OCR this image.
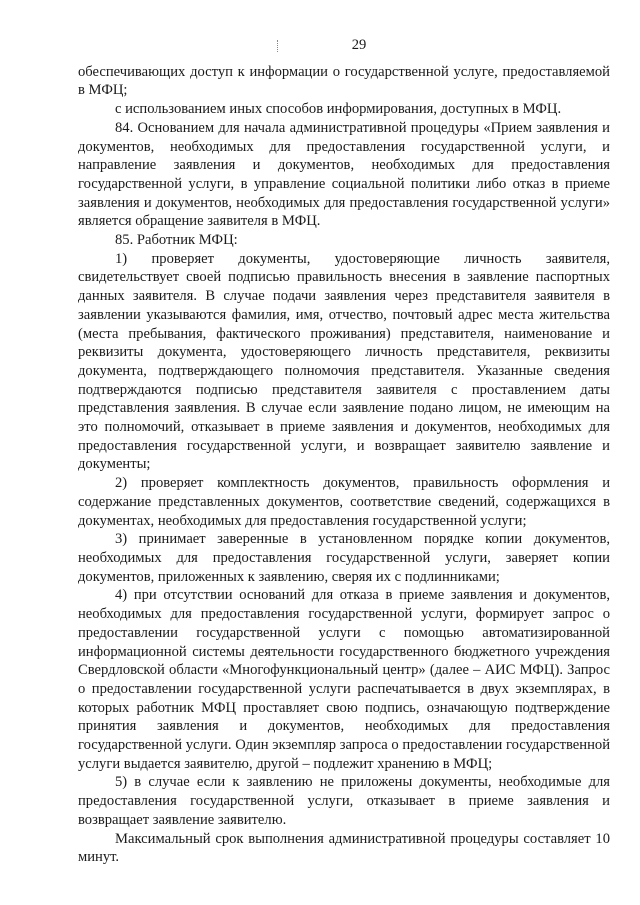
29

обеспечивающих доступ к информации о государственной услуге, предоставляемой в МФЦ;

с использованием иных способов информирования, доступных в МФЦ.

84. Основанием для начала административной процедуры «Прием заявления и документов, необходимых для предоставления государственной услуги, и направление заявления и документов, необходимых для предоставления государственной услуги, в управление социальной политики либо отказ в приеме заявления и документов, необходимых для предоставления государственной услуги» является обращение заявителя в МФЦ.

85. Работник МФЦ:

1) проверяет документы, удостоверяющие личность заявителя, свидетельствует своей подписью правильность внесения в заявление паспортных данных заявителя. В случае подачи заявления через представителя заявителя в заявлении указываются фамилия, имя, отчество, почтовый адрес места жительства (места пребывания, фактического проживания) представителя, наименование и реквизиты документа, удостоверяющего личность представителя, реквизиты документа, подтверждающего полномочия представителя. Указанные сведения подтверждаются подписью представителя заявителя с проставлением даты представления заявления. В случае если заявление подано лицом, не имеющим на это полномочий, отказывает в приеме заявления и документов, необходимых для предоставления государственной услуги, и возвращает заявителю заявление и документы;

2) проверяет комплектность документов, правильность оформления и содержание представленных документов, соответствие сведений, содержащихся в документах, необходимых для предоставления государственной услуги;

3) принимает заверенные в установленном порядке копии документов, необходимых для предоставления государственной услуги, заверяет копии документов, приложенных к заявлению, сверяя их с подлинниками;

4) при отсутствии оснований для отказа в приеме заявления и документов, необходимых для предоставления государственной услуги, формирует запрос о предоставлении государственной услуги с помощью автоматизированной информационной системы деятельности государственного бюджетного учреждения Свердловской области «Многофункциональный центр» (далее – АИС МФЦ). Запрос о предоставлении государственной услуги распечатывается в двух экземплярах, в которых работник МФЦ проставляет свою подпись, означающую подтверждение принятия заявления и документов, необходимых для предоставления государственной услуги. Один экземпляр запроса о предоставлении государственной услуги выдается заявителю, другой – подлежит хранению в МФЦ;

5) в случае если к заявлению не приложены документы, необходимые для предоставления государственной услуги, отказывает в приеме заявления и возвращает заявление заявителю.

Максимальный срок выполнения административной процедуры составляет 10 минут.
